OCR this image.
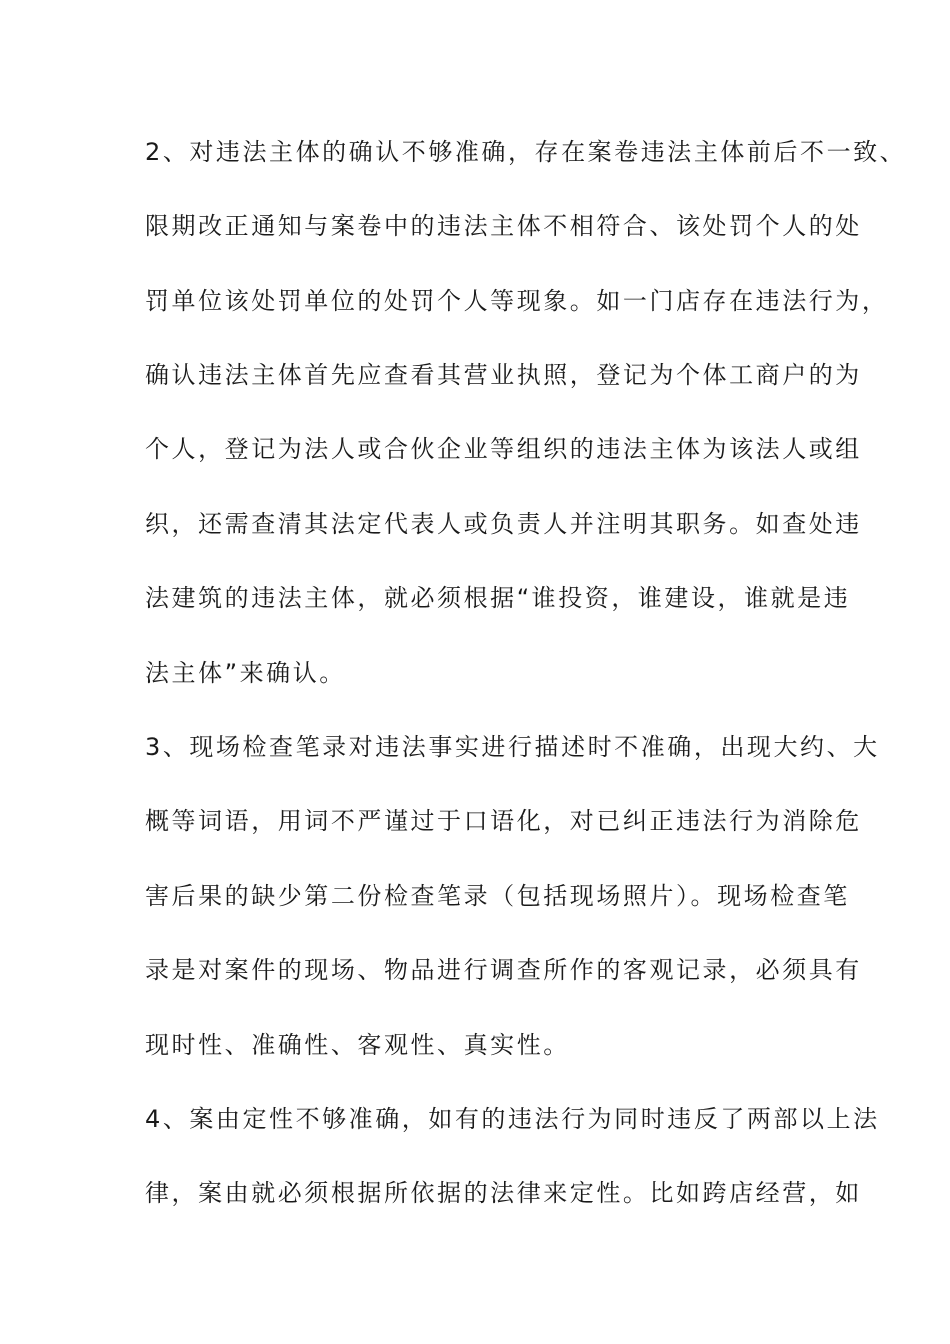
2、对违法主体的确认不够准确，存在案卷违法主体前后不一致、

限期改正通知与案卷中的违法主体不相符合、该处罚个人的处

罚单位该处罚单位的处罚个人等现象。如一门店存在违法行为，

确认违法主体首先应查看其营业执照，登记为个体工商户的为

个人，登记为法人或合伙企业等组织的违法主体为该法人或组

织，还需查清其法定代表人或负责人并注明其职务。如查处违

法建筑的违法主体，就必须根据“谁投资，谁建设，谁就是违

法主体”来确认。

3、现场检查笔录对违法事实进行描述时不准确，出现大约、大

概等词语，用词不严谨过于口语化，对已纠正违法行为消除危

害后果的缺少第二份检查笔录（包括现场照片）。现场检查笔

录是对案件的现场、物品进行调查所作的客观记录，必须具有

现时性、准确性、客观性、真实性。

4、案由定性不够准确，如有的违法行为同时违反了两部以上法

律，案由就必须根据所依据的法律来定性。比如跨店经营，如
